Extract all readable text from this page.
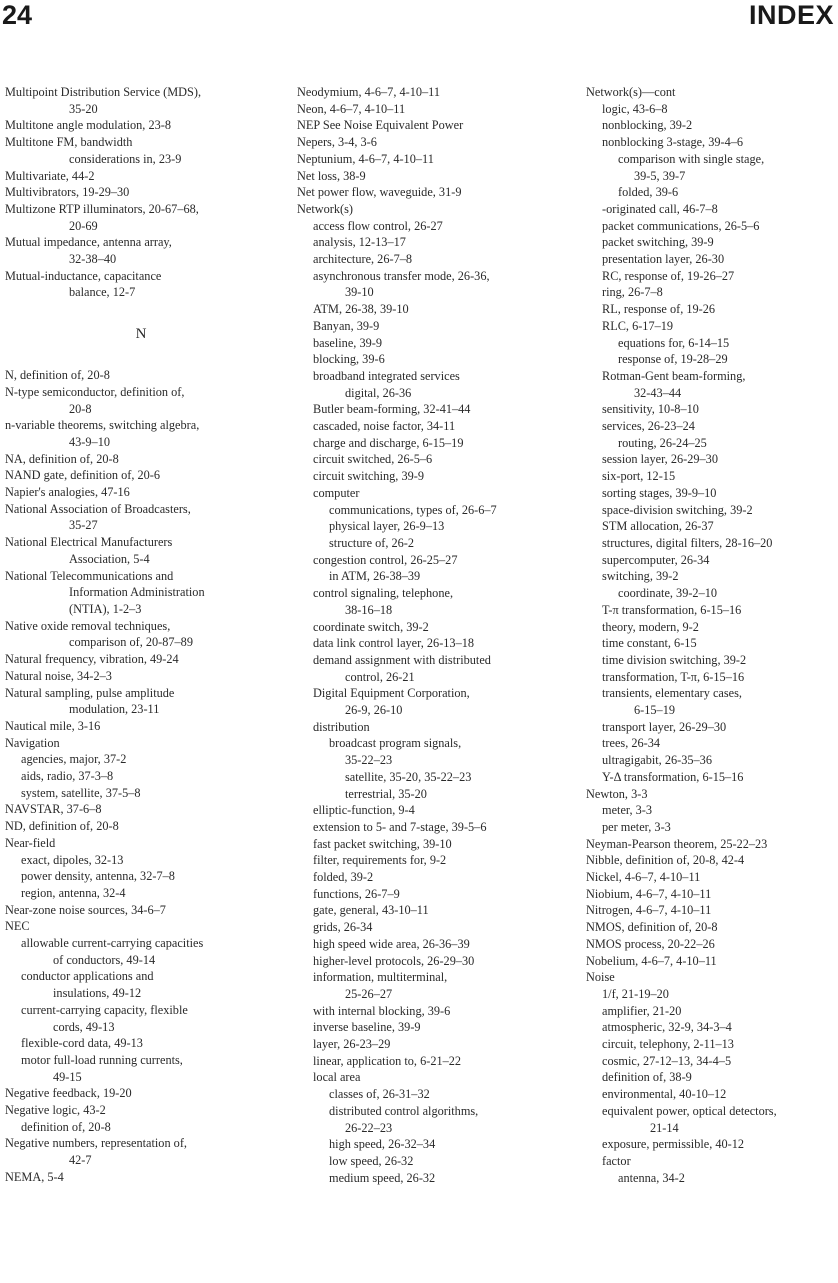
24	INDEX
Multipoint Distribution Service (MDS),
35-20
Multitone angle modulation, 23-8
Multitone FM, bandwidth
considerations in, 23-9
Multivariate, 44-2
Multivibrators, 19-29–30
Multizone RTP illuminators, 20-67–68,
20-69
Mutual impedance, antenna array,
32-38–40
Mutual-inductance, capacitance
balance, 12-7
N
N, definition of, 20-8
N-type semiconductor, definition of,
20-8
n-variable theorems, switching algebra,
43-9–10
NA, definition of, 20-8
NAND gate, definition of, 20-6
Napier's analogies, 47-16
National Association of Broadcasters,
35-27
National Electrical Manufacturers
Association, 5-4
National Telecommunications and
Information Administration
(NTIA), 1-2–3
Native oxide removal techniques,
comparison of, 20-87–89
Natural frequency, vibration, 49-24
Natural noise, 34-2–3
Natural sampling, pulse amplitude
modulation, 23-11
Nautical mile, 3-16
Navigation
agencies, major, 37-2
aids, radio, 37-3–8
system, satellite, 37-5–8
NAVSTAR, 37-6–8
ND, definition of, 20-8
Near-field
exact, dipoles, 32-13
power density, antenna, 32-7–8
region, antenna, 32-4
Near-zone noise sources, 34-6–7
NEC
allowable current-carrying capacities
of conductors, 49-14
conductor applications and
insulations, 49-12
current-carrying capacity, flexible
cords, 49-13
flexible-cord data, 49-13
motor full-load running currents,
49-15
Negative feedback, 19-20
Negative logic, 43-2
definition of, 20-8
Negative numbers, representation of,
42-7
NEMA, 5-4
Neodymium, 4-6–7, 4-10–11
Neon, 4-6–7, 4-10–11
NEP See Noise Equivalent Power
Nepers, 3-4, 3-6
Neptunium, 4-6–7, 4-10–11
Net loss, 38-9
Net power flow, waveguide, 31-9
Network(s)
access flow control, 26-27
analysis, 12-13–17
architecture, 26-7–8
asynchronous transfer mode, 26-36,
39-10
ATM, 26-38, 39-10
Banyan, 39-9
baseline, 39-9
blocking, 39-6
broadband integrated services
digital, 26-36
Butler beam-forming, 32-41–44
cascaded, noise factor, 34-11
charge and discharge, 6-15–19
circuit switched, 26-5–6
circuit switching, 39-9
computer
communications, types of, 26-6–7
physical layer, 26-9–13
structure of, 26-2
congestion control, 26-25–27
in ATM, 26-38–39
control signaling, telephone,
38-16–18
coordinate switch, 39-2
data link control layer, 26-13–18
demand assignment with distributed
control, 26-21
Digital Equipment Corporation,
26-9, 26-10
distribution
broadcast program signals,
35-22–23
satellite, 35-20, 35-22–23
terrestrial, 35-20
elliptic-function, 9-4
extension to 5- and 7-stage, 39-5–6
fast packet switching, 39-10
filter, requirements for, 9-2
folded, 39-2
functions, 26-7–9
gate, general, 43-10–11
grids, 26-34
high speed wide area, 26-36–39
higher-level protocols, 26-29–30
information, multiterminal,
25-26–27
with internal blocking, 39-6
inverse baseline, 39-9
layer, 26-23–29
linear, application to, 6-21–22
local area
classes of, 26-31–32
distributed control algorithms,
26-22–23
high speed, 26-32–34
low speed, 26-32
medium speed, 26-32
Network(s)—cont
logic, 43-6–8
nonblocking, 39-2
nonblocking 3-stage, 39-4–6
comparison with single stage,
39-5, 39-7
folded, 39-6
-originated call, 46-7–8
packet communications, 26-5–6
packet switching, 39-9
presentation layer, 26-30
RC, response of, 19-26–27
ring, 26-7–8
RL, response of, 19-26
RLC, 6-17–19
equations for, 6-14–15
response of, 19-28–29
Rotman-Gent beam-forming,
32-43–44
sensitivity, 10-8–10
services, 26-23–24
routing, 26-24–25
session layer, 26-29–30
six-port, 12-15
sorting stages, 39-9–10
space-division switching, 39-2
STM allocation, 26-37
structures, digital filters, 28-16–20
supercomputer, 26-34
switching, 39-2
coordinate, 39-2–10
T-π transformation, 6-15–16
theory, modern, 9-2
time constant, 6-15
time division switching, 39-2
transformation, T-π, 6-15–16
transients, elementary cases,
6-15–19
transport layer, 26-29–30
trees, 26-34
ultragigabit, 26-35–36
Y-Δ transformation, 6-15–16
Newton, 3-3
meter, 3-3
per meter, 3-3
Neyman-Pearson theorem, 25-22–23
Nibble, definition of, 20-8, 42-4
Nickel, 4-6–7, 4-10–11
Niobium, 4-6–7, 4-10–11
Nitrogen, 4-6–7, 4-10–11
NMOS, definition of, 20-8
NMOS process, 20-22–26
Nobelium, 4-6–7, 4-10–11
Noise
1/f, 21-19–20
amplifier, 21-20
atmospheric, 32-9, 34-3–4
circuit, telephony, 2-11–13
cosmic, 27-12–13, 34-4–5
definition of, 38-9
environmental, 40-10–12
equivalent power, optical detectors,
21-14
exposure, permissible, 40-12
factor
antenna, 34-2
